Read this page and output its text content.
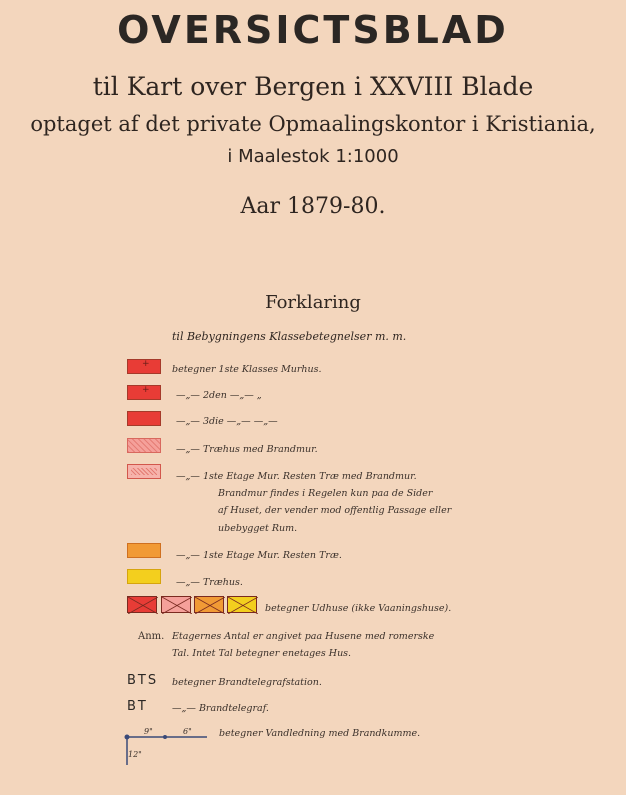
OVERSICTSBLAD
til Kart over Bergen i XXVIII Blade
optaget af det private Opmaalingskontor i Kristiania,
i Maalestok 1:1000
Aar 1879-80.
Forklaring
til Bebygningens Klassebetegnelser m. m.
+
betegner 1ste Klasses Murhus.
+
—„— 2den —„— „
—„— 3die —„— —„—
—„— Træhus med Brandmur.
—„— 1ste Etage Mur. Resten Træ med Brandmur.
Brandmur findes i Regelen kun paa de Sider
af Huset, der vender mod offentlig Passage eller
ubebygget Rum.
—„— 1ste Etage Mur. Resten Træ.
—„— Træhus.
betegner Udhuse (ikke Vaaningshuse).
Anm. Etagernes Antal er angivet paa Husene med romerske
Tal. Intet Tal betegner enetages Hus.
BTS betegner Brandtelegrafstation.
BT	—„— Brandtelegraf.
9"	6"
12"
betegner Vandledning med Brandkumme.
